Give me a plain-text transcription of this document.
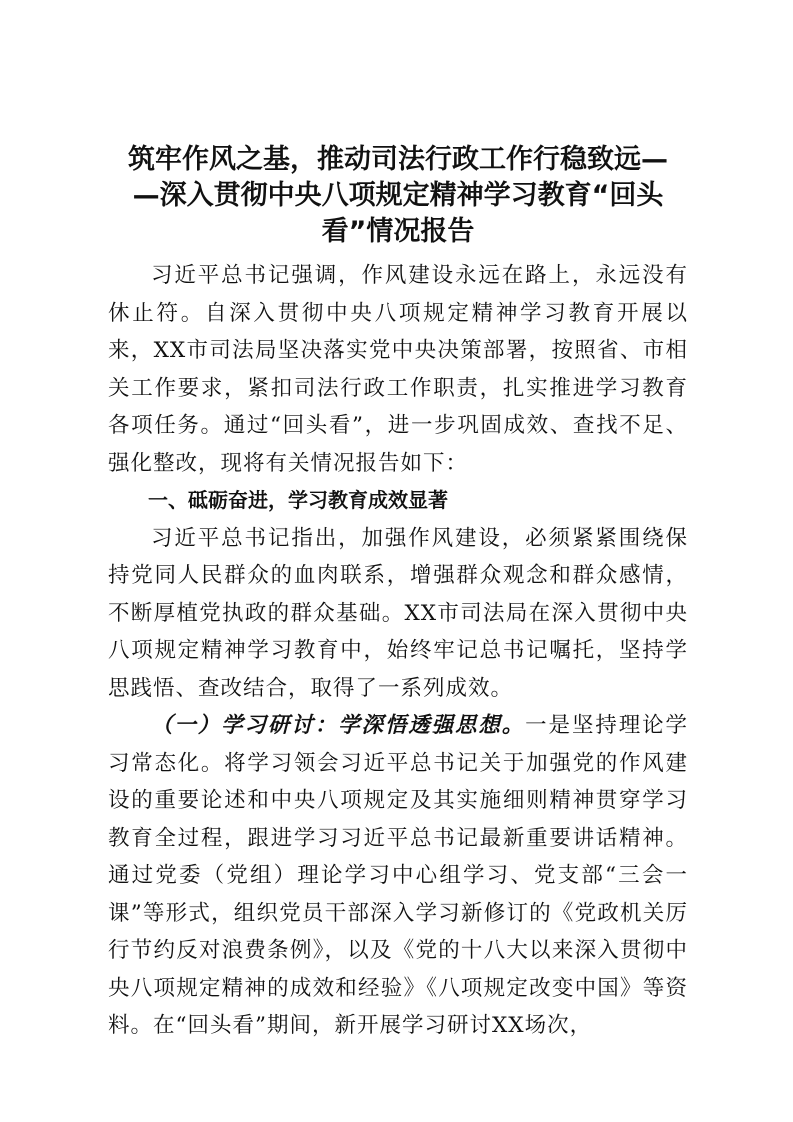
筑牢作风之基，推动司法行政工作行稳致远—
—深入贯彻中央八项规定精神学习教育“回头
看”情况报告

习近平总书记强调，作风建设永远在路上，永远没有休止符。自深入贯彻中央八项规定精神学习教育开展以来，XX市司法局坚决落实党中央决策部署，按照省、市相关工作要求，紧扣司法行政工作职责，扎实推进学习教育各项任务。通过“回头看”，进一步巩固成效、查找不足、强化整改，现将有关情况报告如下：

一、砥砺奋进，学习教育成效显著

习近平总书记指出，加强作风建设，必须紧紧围绕保持党同人民群众的血肉联系，增强群众观念和群众感情，不断厚植党执政的群众基础。XX市司法局在深入贯彻中央八项规定精神学习教育中，始终牢记总书记嘱托，坚持学思践悟、查改结合，取得了一系列成效。

（一）学习研讨：学深悟透强思想。一是坚持理论学习常态化。将学习领会习近平总书记关于加强党的作风建设的重要论述和中央八项规定及其实施细则精神贯穿学习教育全过程，跟进学习习近平总书记最新重要讲话精神。通过党委（党组）理论学习中心组学习、党支部“三会一课”等形式，组织党员干部深入学习新修订的《党政机关厉行节约反对浪费条例》，以及《党的十八大以来深入贯彻中央八项规定精神的成效和经验》《八项规定改变中国》等资料。在“回头看”期间，新开展学习研讨XX场次，
